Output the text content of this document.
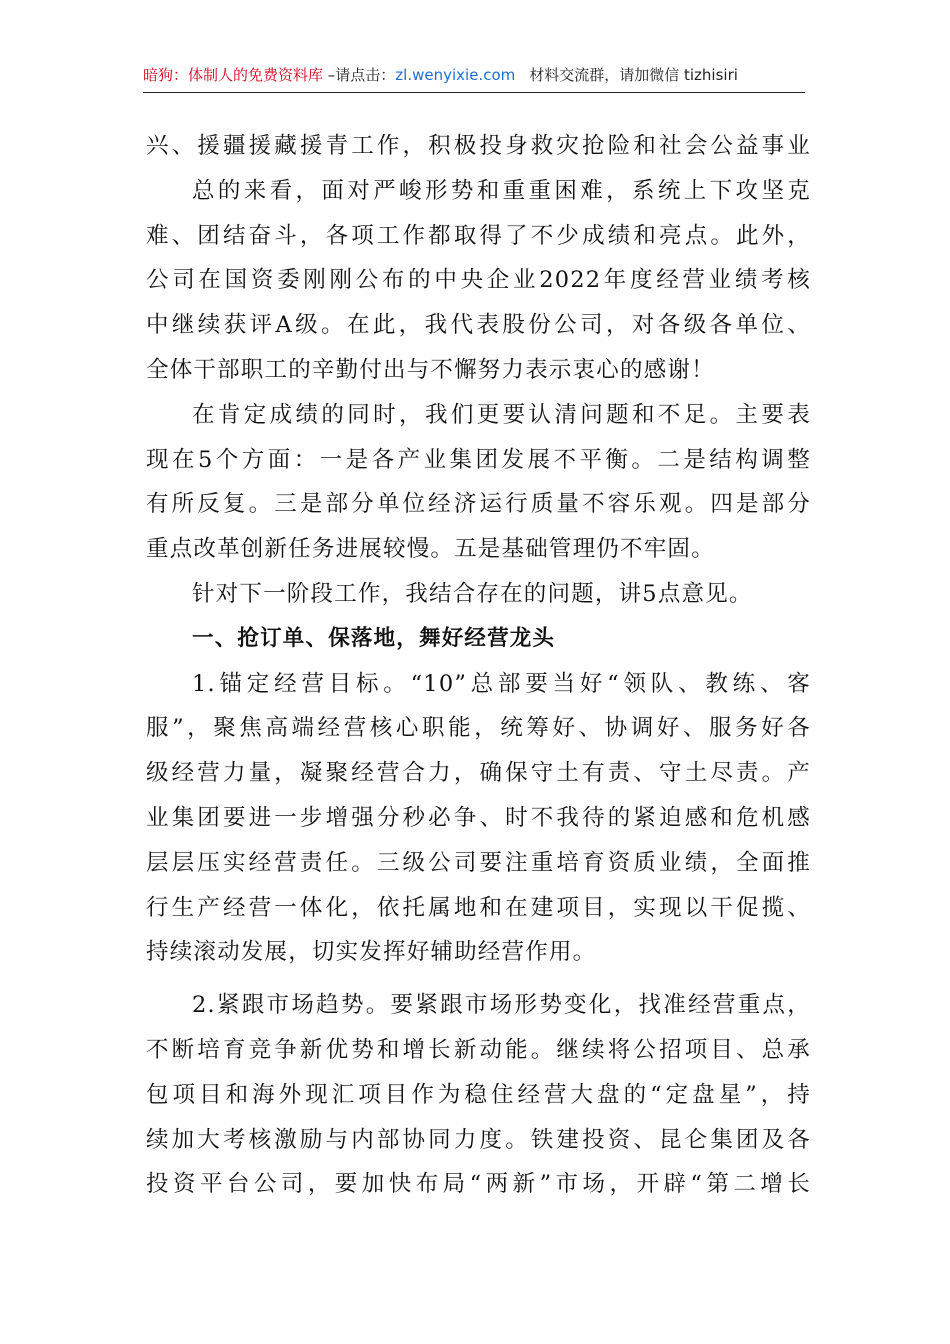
暗狗：体制人的免费资料库 –请点击：zl.wenyixie.com 材料交流群，请加微信 tizhisiri
兴、援疆援藏援青工作，积极投身救灾抢险和社会公益事业
总的来看，面对严峻形势和重重困难，系统上下攻坚克
难、团结奋斗，各项工作都取得了不少成绩和亮点。此外，
公司在国资委刚刚公布的中央企业2022年度经营业绩考核
中继续获评A级。在此，我代表股份公司，对各级各单位、
全体干部职工的辛勤付出与不懈努力表示衷心的感谢！
在肯定成绩的同时，我们更要认清问题和不足。主要表
现在5个方面：一是各产业集团发展不平衡。二是结构调整
有所反复。三是部分单位经济运行质量不容乐观。四是部分
重点改革创新任务进展较慢。五是基础管理仍不牢固。
针对下一阶段工作，我结合存在的问题，讲5点意见。
一、抢订单、保落地，舞好经营龙头
1.锚定经营目标。“10”总部要当好“领队、教练、客
服”，聚焦高端经营核心职能，统筹好、协调好、服务好各
级经营力量，凝聚经营合力，确保守土有责、守土尽责。产
业集团要进一步增强分秒必争、时不我待的紧迫感和危机感
层层压实经营责任。三级公司要注重培育资质业绩，全面推
行生产经营一体化，依托属地和在建项目，实现以干促揽、
持续滚动发展，切实发挥好辅助经营作用。
2.紧跟市场趋势。要紧跟市场形势变化，找准经营重点，
不断培育竞争新优势和增长新动能。继续将公招项目、总承
包项目和海外现汇项目作为稳住经营大盘的“定盘星”，持
续加大考核激励与内部协同力度。铁建投资、昆仑集团及各
投资平台公司，要加快布局“两新”市场，开辟“第二增长
